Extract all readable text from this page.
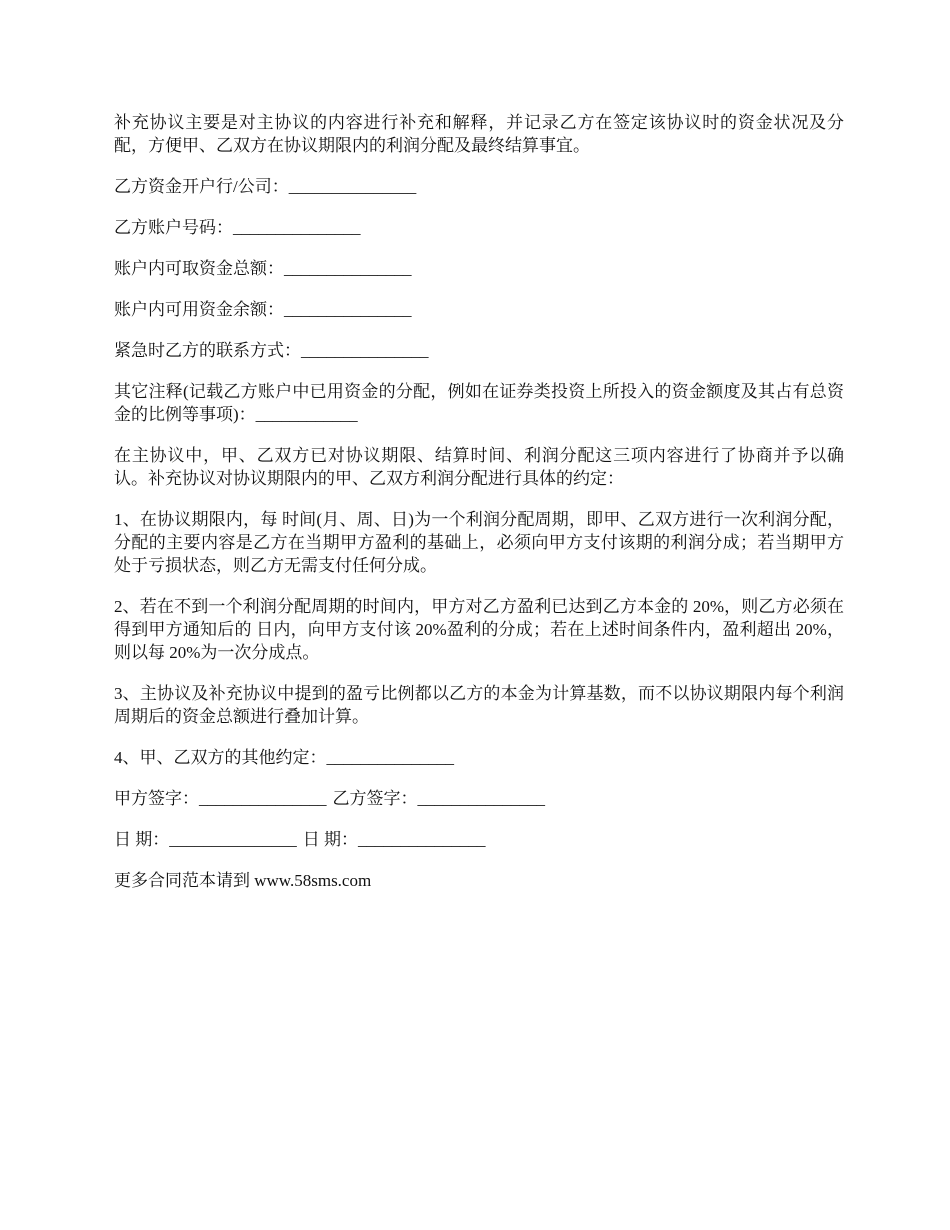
补充协议主要是对主协议的内容进行补充和解释，并记录乙方在签定该协议时的资金状况及分配，方便甲、乙双方在协议期限内的利润分配及最终结算事宜。

乙方资金开户行/公司：_______________

乙方账户号码：_______________

账户内可取资金总额：_______________

账户内可用资金余额：_______________

紧急时乙方的联系方式：_______________

其它注释(记载乙方账户中已用资金的分配，例如在证券类投资上所投入的资金额度及其占有总资金的比例等事项)：____________

在主协议中，甲、乙双方已对协议期限、结算时间、利润分配这三项内容进行了协商并予以确认。补充协议对协议期限内的甲、乙双方利润分配进行具体的约定：

1、在协议期限内，每 时间(月、周、日)为一个利润分配周期，即甲、乙双方进行一次利润分配，分配的主要内容是乙方在当期甲方盈利的基础上，必须向甲方支付该期的利润分成；若当期甲方处于亏损状态，则乙方无需支付任何分成。

2、若在不到一个利润分配周期的时间内，甲方对乙方盈利已达到乙方本金的 20%，则乙方必须在得到甲方通知后的 日内，向甲方支付该 20%盈利的分成；若在上述时间条件内，盈利超出 20%，则以每 20%为一次分成点。

3、主协议及补充协议中提到的盈亏比例都以乙方的本金为计算基数，而不以协议期限内每个利润周期后的资金总额进行叠加计算。

4、甲、乙双方的其他约定：_______________

甲方签字：_______________ 乙方签字：_______________

日 期：_______________ 日 期：_______________

更多合同范本请到 www.58sms.com
